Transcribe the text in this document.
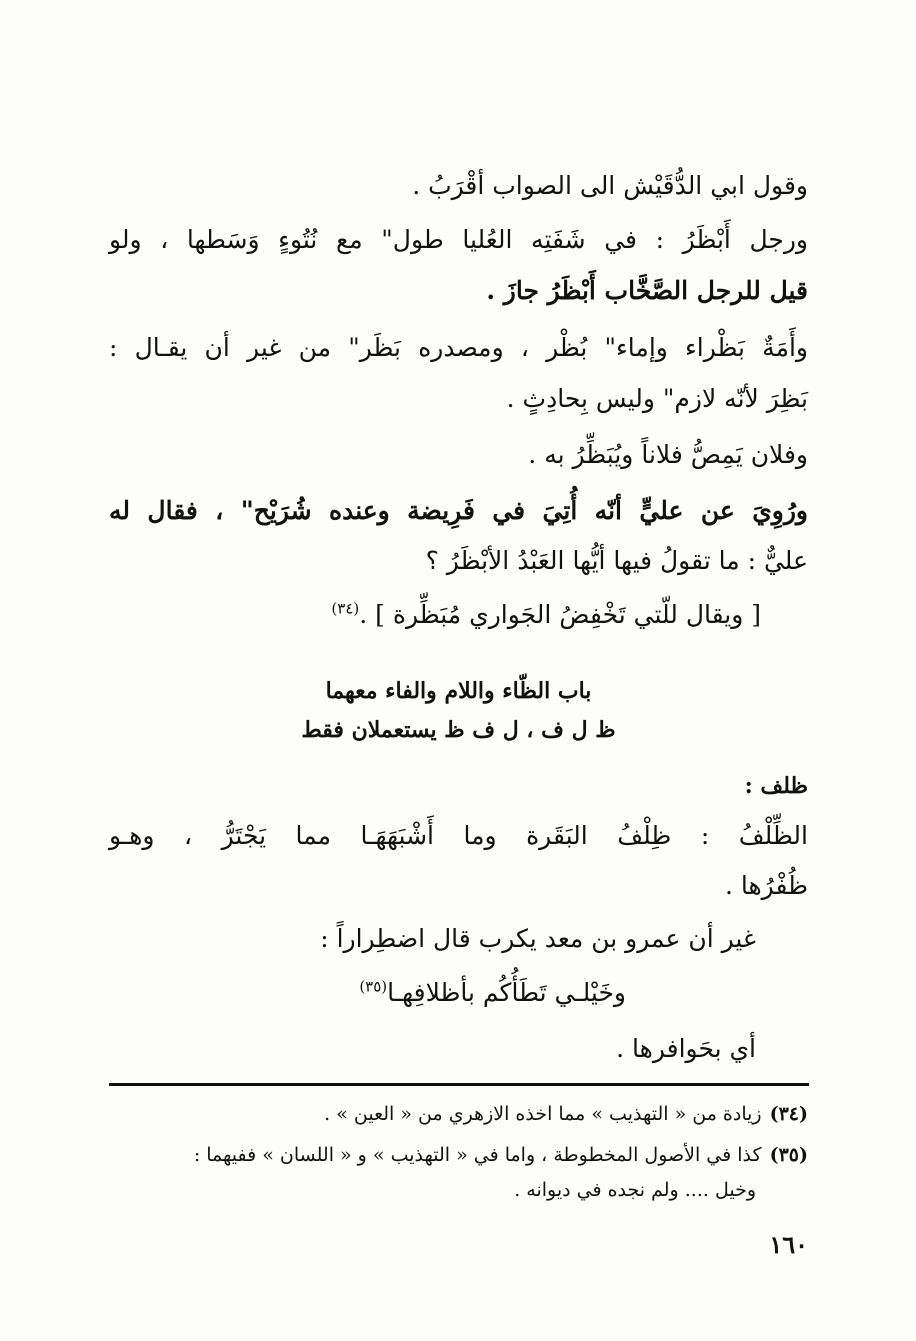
وقول ابي الدُّقَيْش الى الصواب أقْرَبُ .
ورجل أَبْظَرُ : في شَفَتِه العُليا طول" مع نُتُوءٍ وَسَطها ، ولو
قيل للرجل الصَّخَّاب أَبْظَرُ جازَ .
وأَمَةٌ بَظْراء وإماء" بُظْر ، ومصدره بَظَر" من غير أن يقـال :
بَظِرَ لأنّه لازم" وليس بِحادِثٍ .
وفلان يَمِصُّ فلاناً ويُبَظِّرُ به .
ورُوِيَ عن عليٍّ أنّه أُتِيَ في فَرِيضة وعنده شُرَيْح" ، فقال له
عليٌّ : ما تقولُ فيها أيُّها العَبْدُ الأبْظَرُ ؟
[ ويقال للّتي تَخْفِضُ الجَواري مُبَظِّرة ] .$^{(٣٤)}$
باب الظّاء واللام والفاء معهما
ظ ل ف ، ل ف ظ يستعملان فقط
ظلف :
الظِّلْفُ : ظِلْفُ البَقَرة وما أَشْبَهَهَـا مما يَجْتَرُّ ، وهـو
ظُفْرُها .
غير أن عمرو بن معد يكرب قال اضطِراراً :
وخَيْلـي تَطَأُكُم بأظلافِهـا$^{(٣٥)}$
أي بحَوافرها .
(٣٤)زيادة من « التهذيب » مما اخذه الازهري من « العين » .
(٣٥)كذا في الأصول المخطوطة ، واما في « التهذيب » و « اللسان » ففيهما :
وخيل .... ولم نجده في ديوانه .
١٦٠
